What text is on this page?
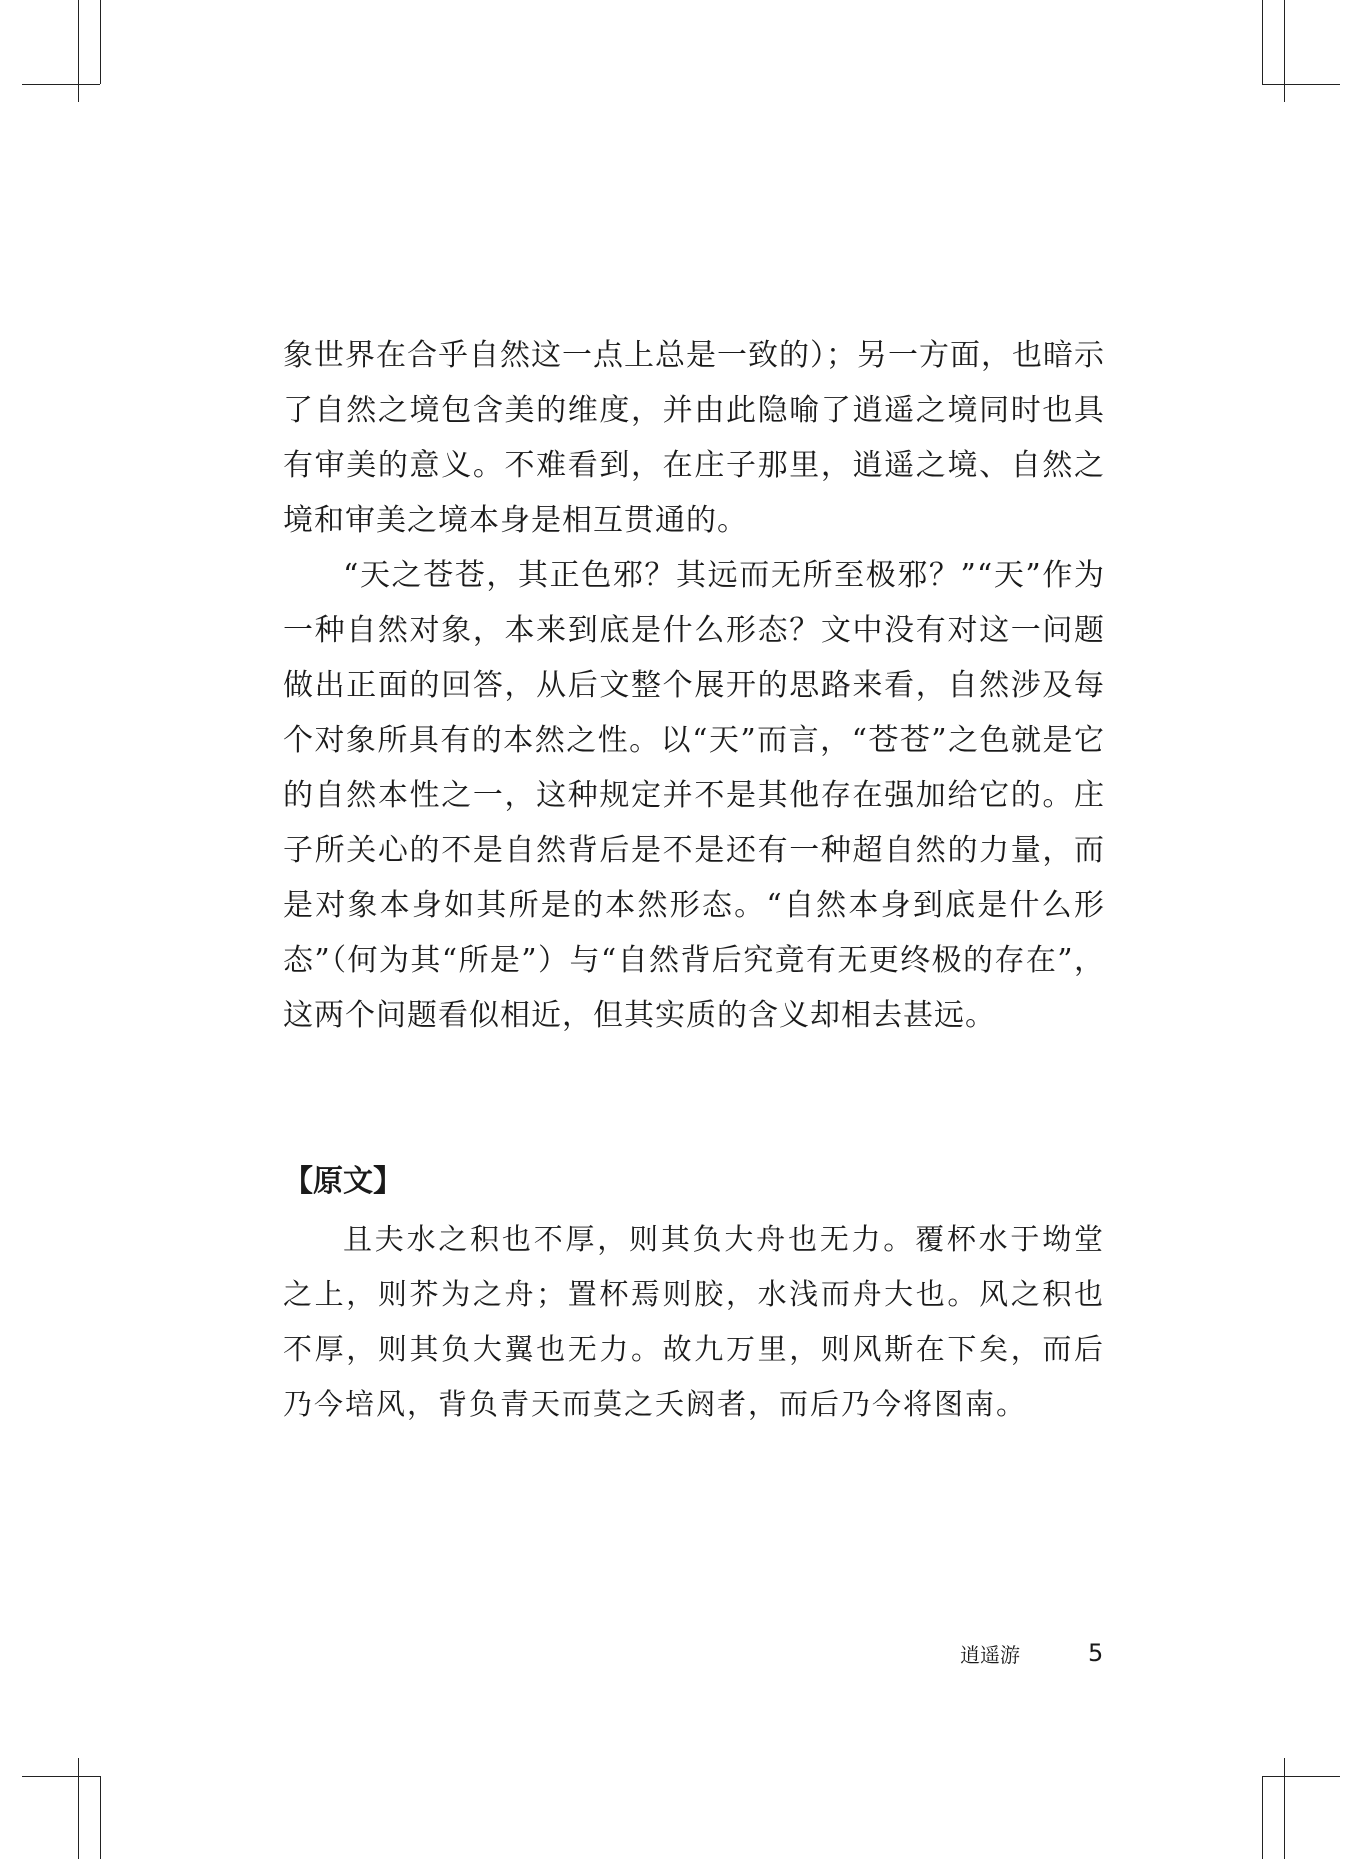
象世界在合乎自然这一点上总是一致的）；另一方面，也暗示了自然之境包含美的维度，并由此隐喻了逍遥之境同时也具有审美的意义。不难看到，在庄子那里，逍遥之境、自然之境和审美之境本身是相互贯通的。

“天之苍苍，其正色邪？其远而无所至极邪？”“天”作为一种自然对象，本来到底是什么形态？文中没有对这一问题做出正面的回答，从后文整个展开的思路来看，自然涉及每个对象所具有的本然之性。以“天”而言，“苍苍”之色就是它的自然本性之一，这种规定并不是其他存在强加给它的。庄子所关心的不是自然背后是不是还有一种超自然的力量，而是对象本身如其所是的本然形态。“自然本身到底是什么形态”（何为其“所是”）与“自然背后究竟有无更终极的存在”，这两个问题看似相近，但其实质的含义却相去甚远。

【原文】

且夫水之积也不厚，则其负大舟也无力。覆杯水于坳堂之上，则芥为之舟；置杯焉则胶，水浅而舟大也。风之积也不厚，则其负大翼也无力。故九万里，则风斯在下矣，而后乃今培风，背负青天而莫之夭阏者，而后乃今将图南。

逍遥游	5
